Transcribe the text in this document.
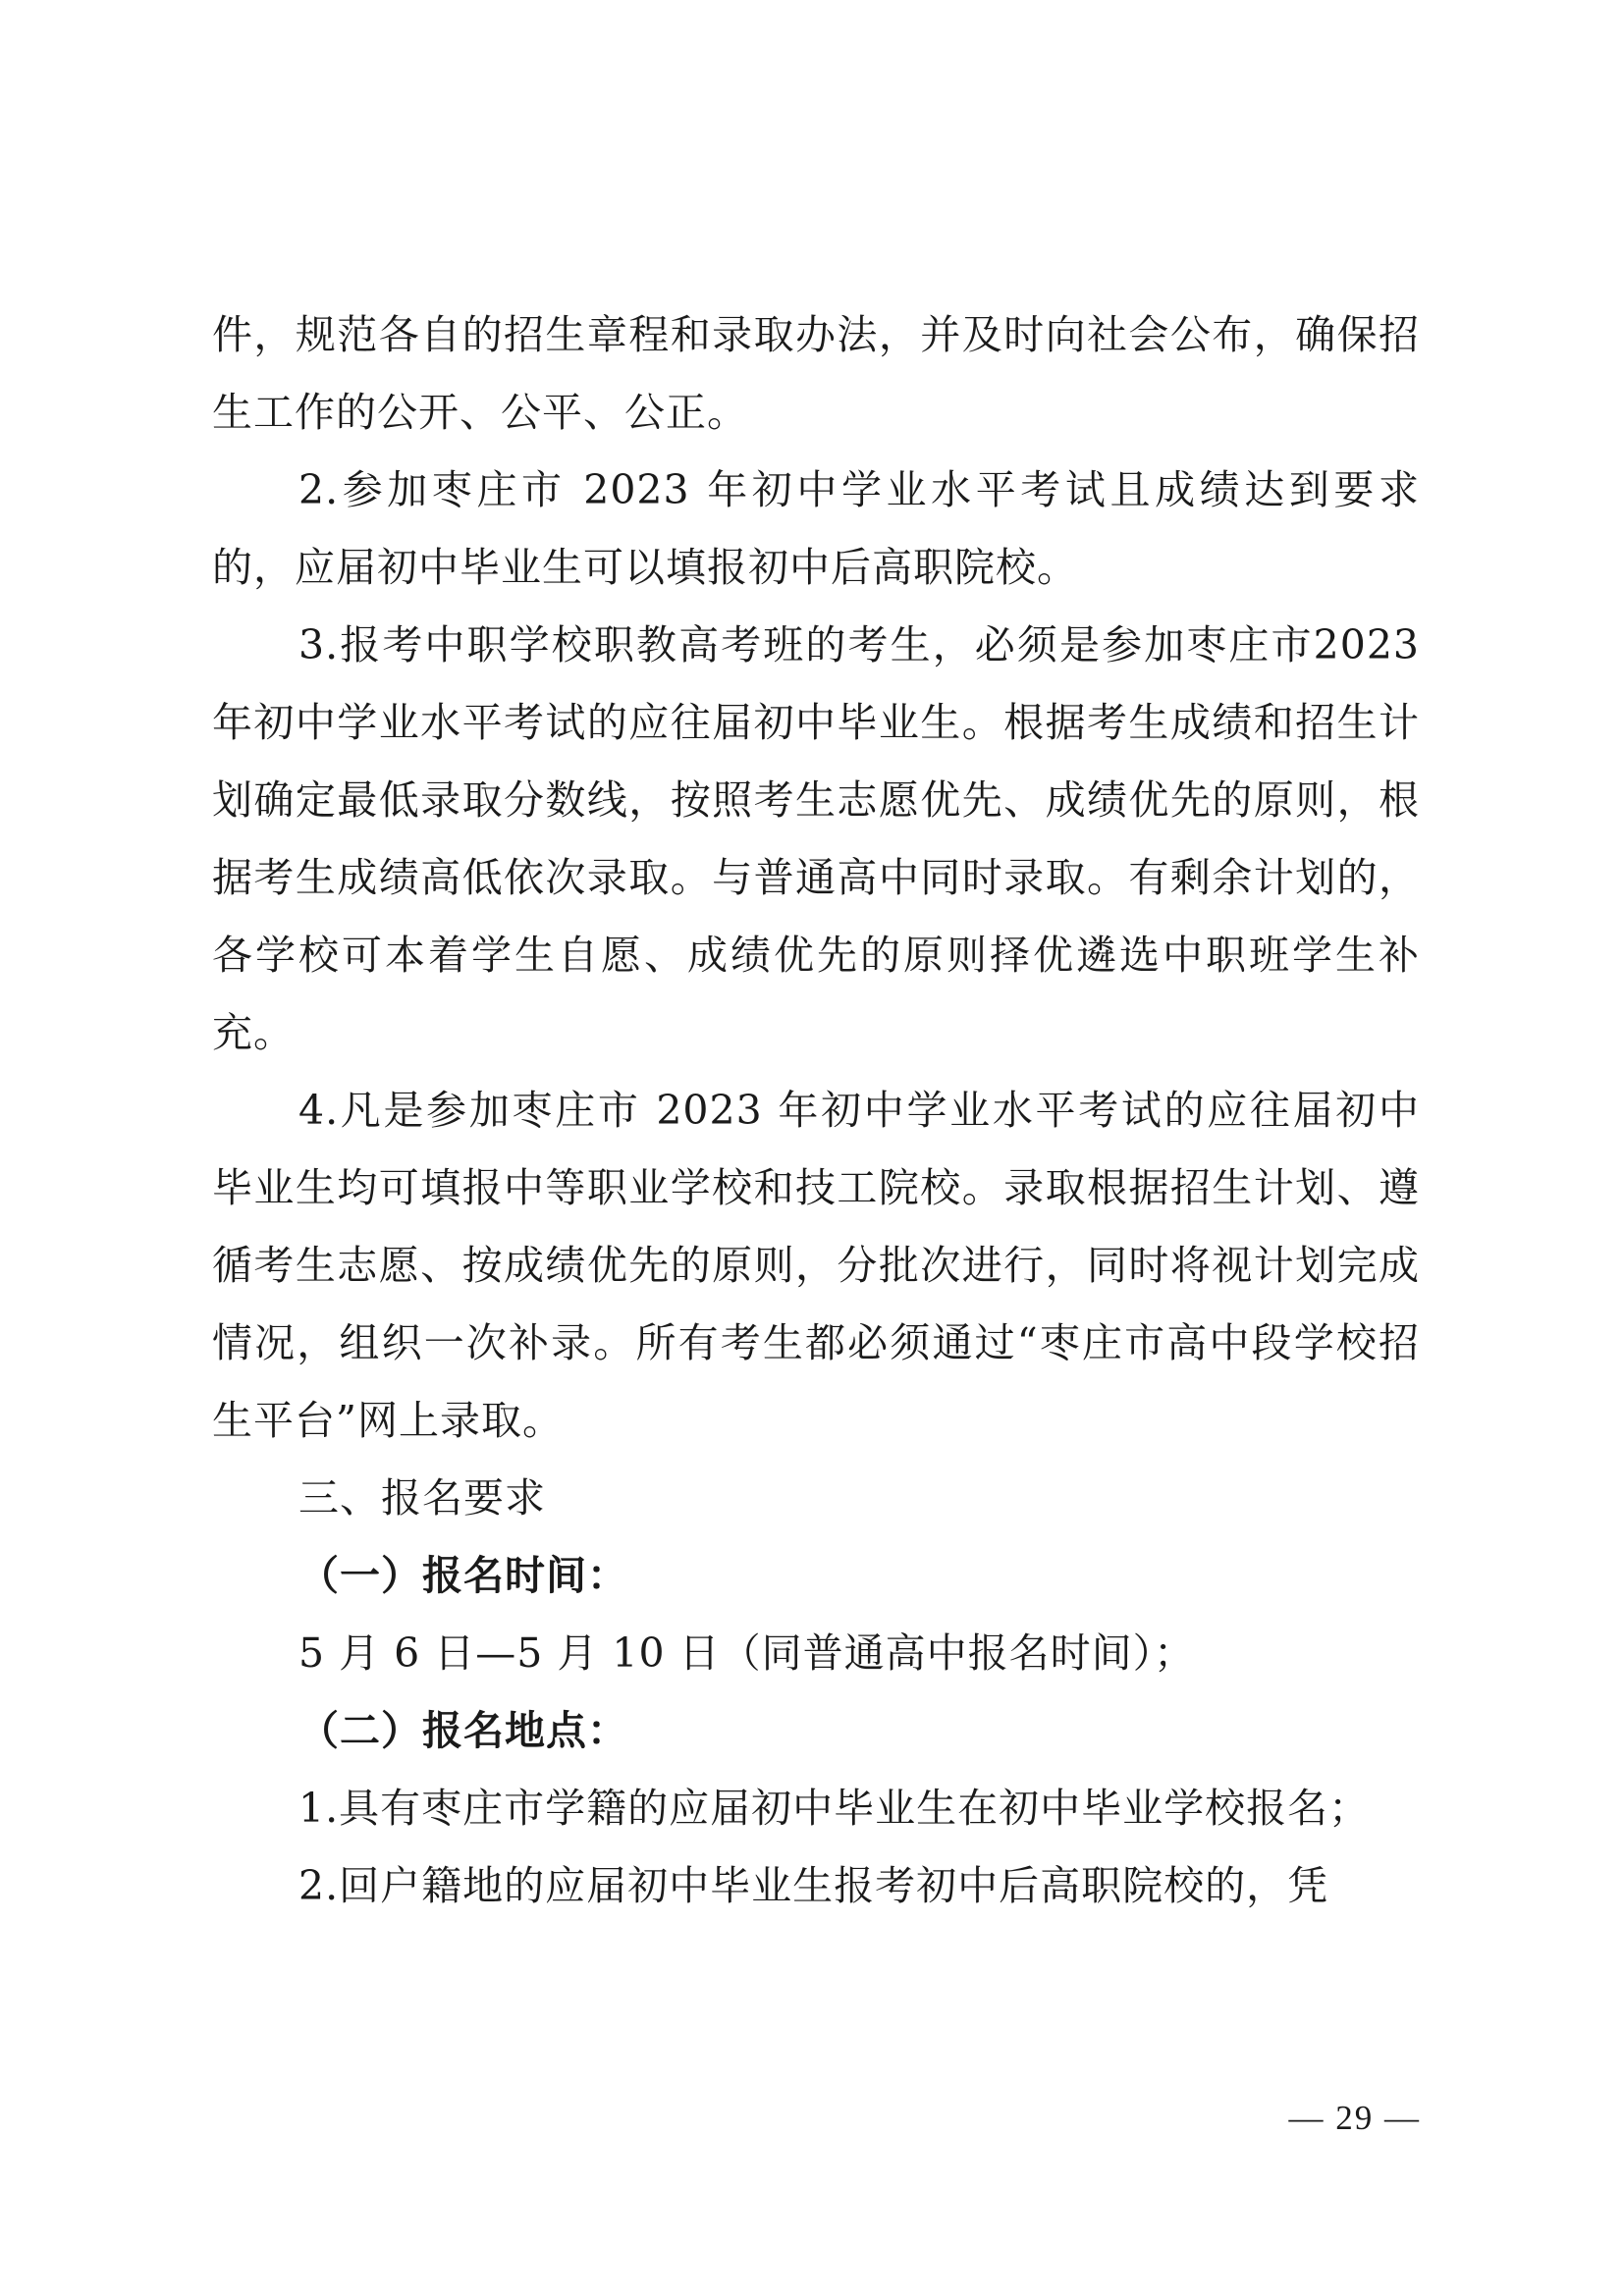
件，规范各自的招生章程和录取办法，并及时向社会公布，确保招生工作的公开、公平、公正。

2.参加枣庄市 2023 年初中学业水平考试且成绩达到要求的，应届初中毕业生可以填报初中后高职院校。

3.报考中职学校职教高考班的考生，必须是参加枣庄市2023 年初中学业水平考试的应往届初中毕业生。根据考生成绩和招生计划确定最低录取分数线，按照考生志愿优先、成绩优先的原则，根据考生成绩高低依次录取。与普通高中同时录取。有剩余计划的，各学校可本着学生自愿、成绩优先的原则择优遴选中职班学生补充。

4.凡是参加枣庄市 2023 年初中学业水平考试的应往届初中毕业生均可填报中等职业学校和技工院校。录取根据招生计划、遵循考生志愿、按成绩优先的原则，分批次进行，同时将视计划完成情况，组织一次补录。所有考生都必须通过“枣庄市高中段学校招生平台”网上录取。

三、报名要求

（一）报名时间：

5 月 6 日—5 月 10 日（同普通高中报名时间）；

（二）报名地点：

1.具有枣庄市学籍的应届初中毕业生在初中毕业学校报名；

2.回户籍地的应届初中毕业生报考初中后高职院校的，凭

— 29 —
